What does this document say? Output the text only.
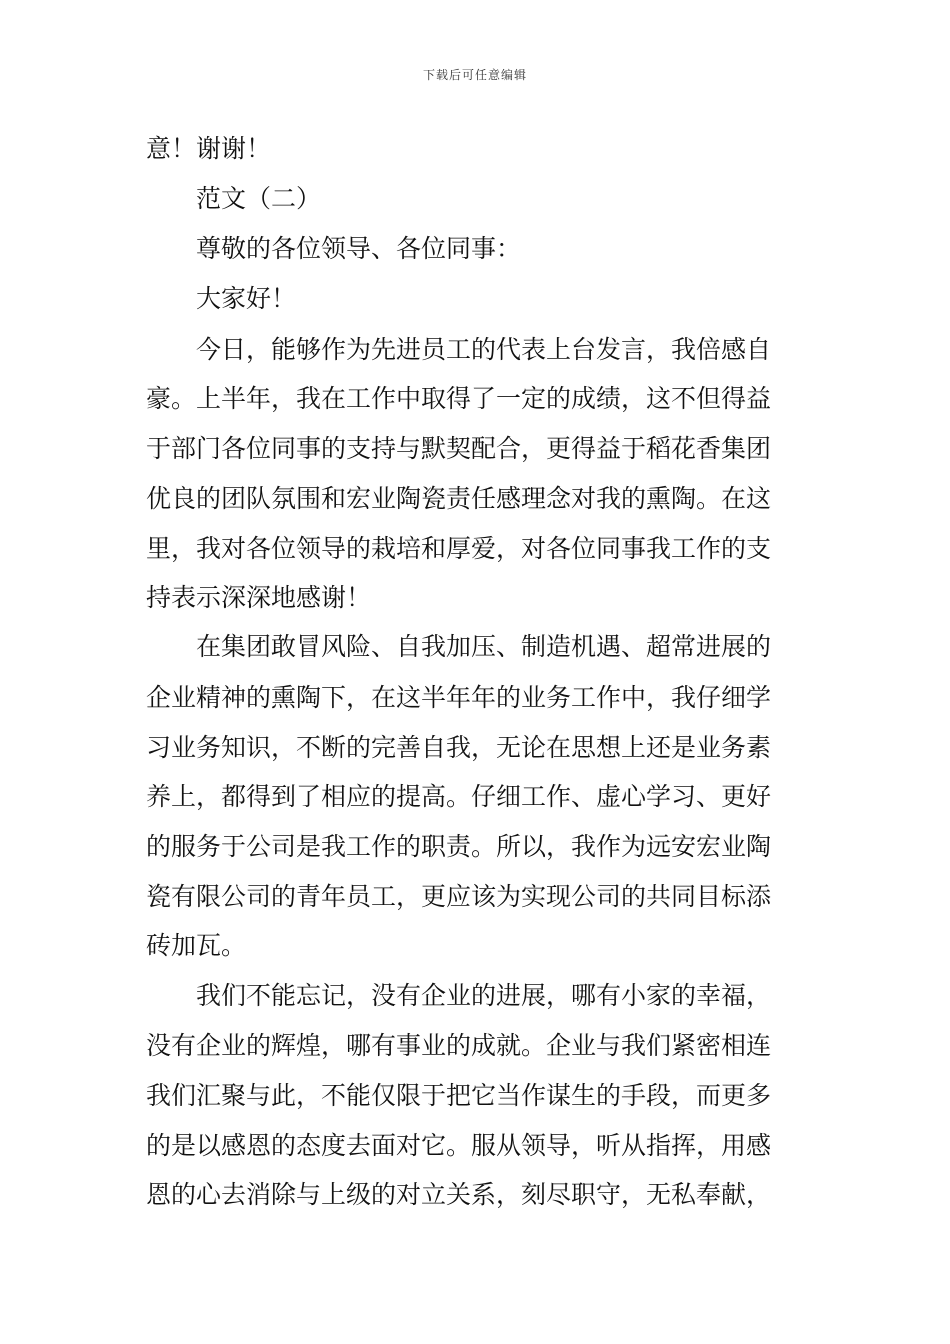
下载后可任意编辑
意！谢谢！
范文（二）
尊敬的各位领导、各位同事：
大家好！
今日，能够作为先进员工的代表上台发言，我倍感自
豪。上半年，我在工作中取得了一定的成绩，这不但得益
于部门各位同事的支持与默契配合，更得益于稻花香集团
优良的团队氛围和宏业陶瓷责任感理念对我的熏陶。在这
里，我对各位领导的栽培和厚爱，对各位同事我工作的支
持表示深深地感谢！
在集团敢冒风险、自我加压、制造机遇、超常进展的
企业精神的熏陶下，在这半年年的业务工作中，我仔细学
习业务知识，不断的完善自我，无论在思想上还是业务素
养上，都得到了相应的提高。仔细工作、虚心学习、更好
的服务于公司是我工作的职责。所以，我作为远安宏业陶
瓷有限公司的青年员工，更应该为实现公司的共同目标添
砖加瓦。
我们不能忘记，没有企业的进展，哪有小家的幸福，
没有企业的辉煌，哪有事业的成就。企业与我们紧密相连
我们汇聚与此，不能仅限于把它当作谋生的手段，而更多
的是以感恩的态度去面对它。服从领导，听从指挥，用感
恩的心去消除与上级的对立关系，刻尽职守，无私奉献，
